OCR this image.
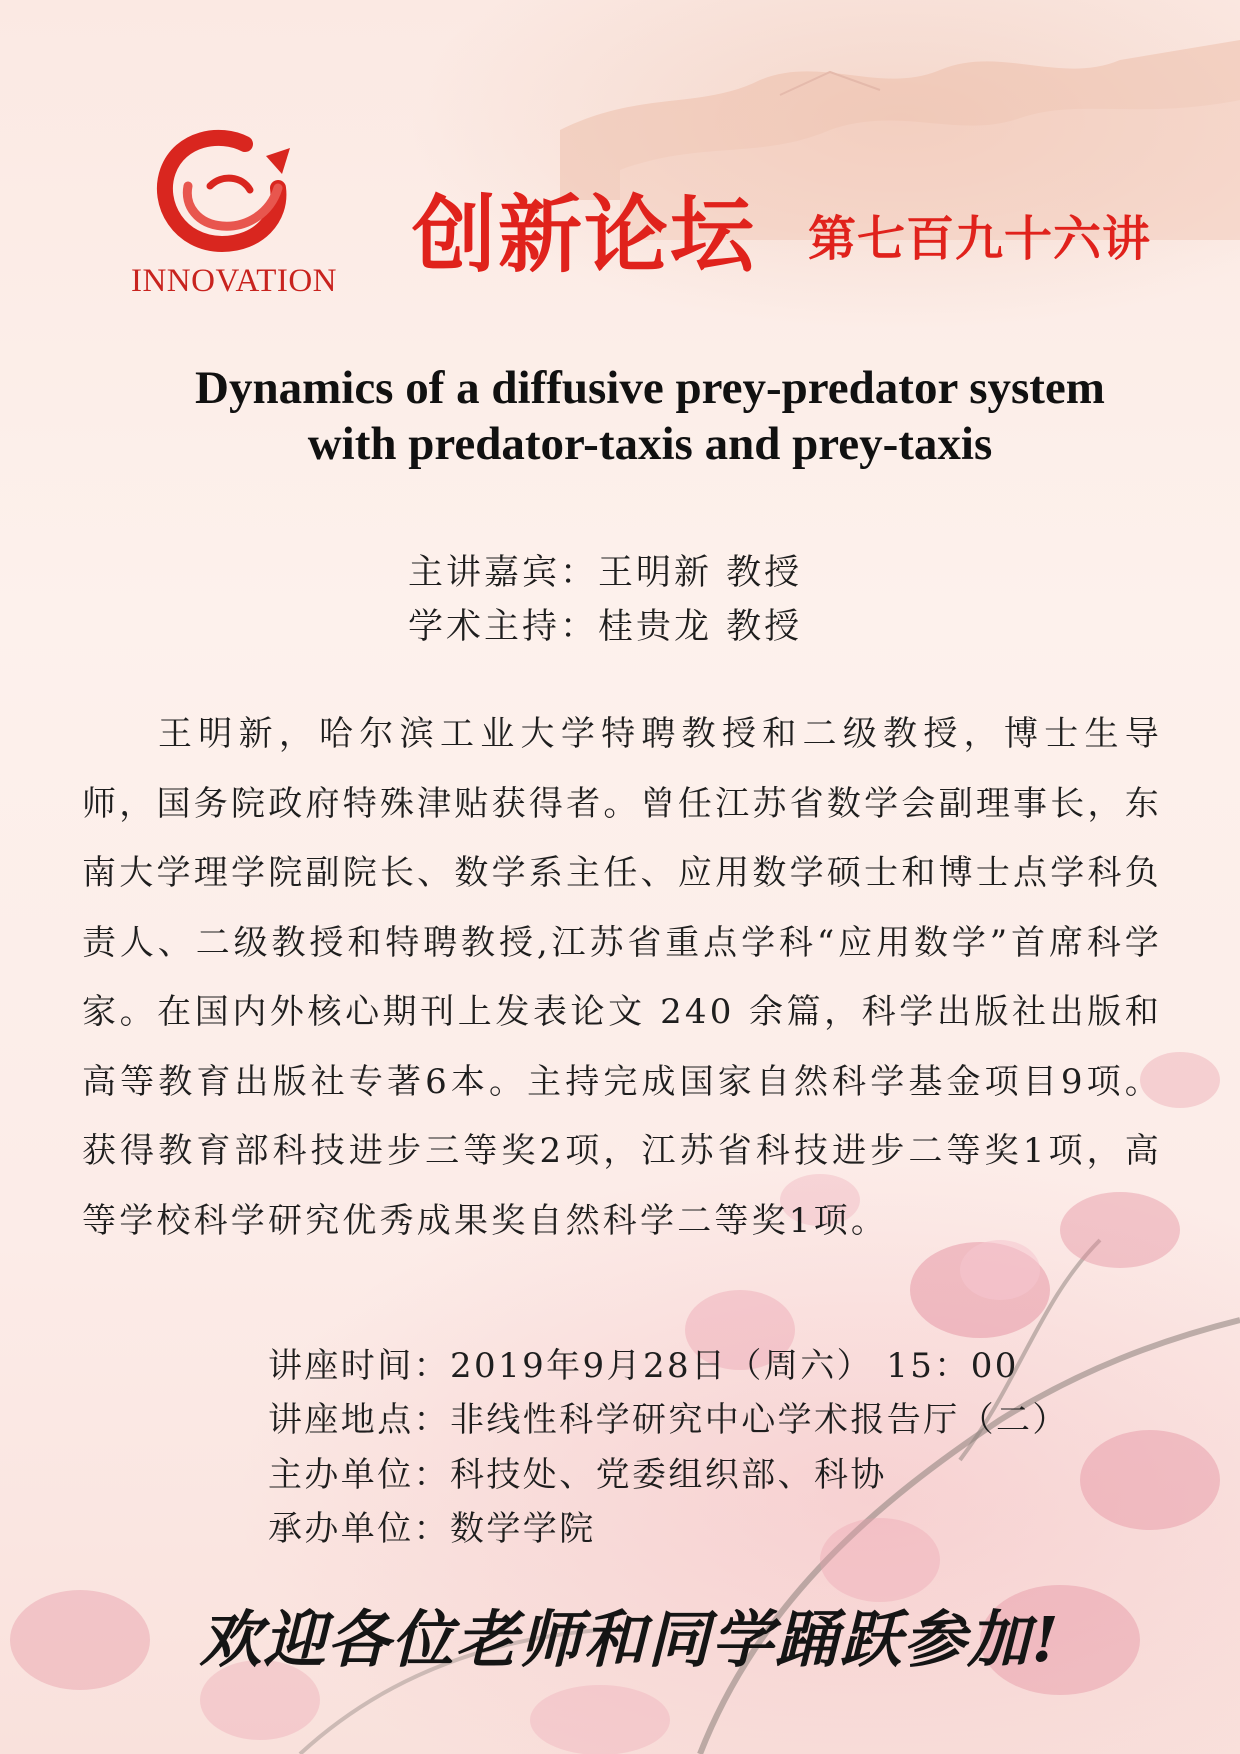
INNOVATION 创新论坛 第七百九十六讲
Dynamics of a diffusive prey-predator system
with predator-taxis and prey-taxis
主讲嘉宾：王明新 教授
学术主持：桂贵龙 教授
王明新，哈尔滨工业大学特聘教授和二级教授，博士生导师，国务院政府特殊津贴获得者。曾任江苏省数学会副理事长，东南大学理学院副院长、数学系主任、应用数学硕士和博士点学科负责人、二级教授和特聘教授,江苏省重点学科“应用数学”首席科学家。在国内外核心期刊上发表论文 240 余篇，科学出版社出版和高等教育出版社专著6本。主持完成国家自然科学基金项目9项。获得教育部科技进步三等奖2项，江苏省科技进步二等奖1项，高等学校科学研究优秀成果奖自然科学二等奖1项。
讲座时间：2019年9月28日（周六） 15：00
讲座地点：非线性科学研究中心学术报告厅（二）
主办单位：科技处、党委组织部、科协
承办单位：数学学院
欢迎各位老师和同学踊跃参加!
